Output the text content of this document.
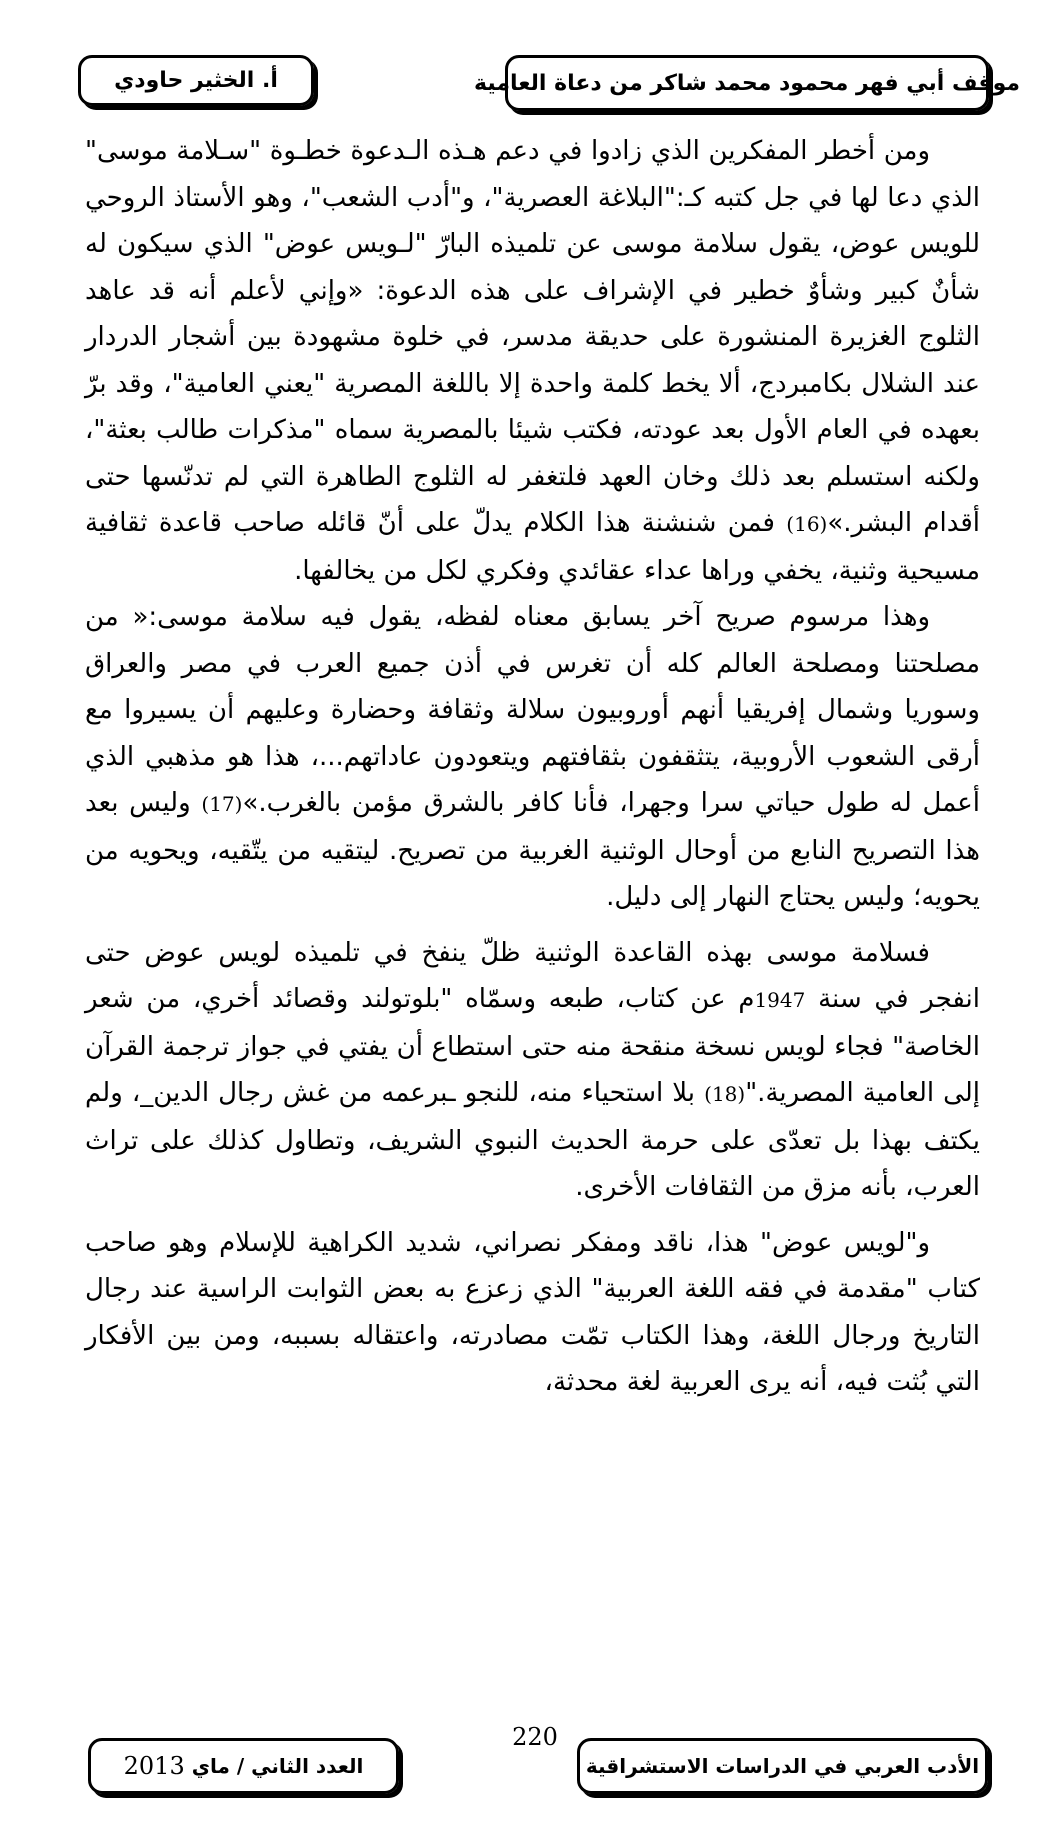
موقف أبي فهر محمود محمد شاكر من دعاة العامية
أ. الخثير حاودي

ومن أخطر المفكرين الذي زادوا في دعم هـذه الـدعوة خطـوة "سـلامة موسى" الذي دعا لها في جل كتبه كـ:"البلاغة العصرية"، و"أدب الشعب"، وهو الأستاذ الروحي للويس عوض، يقول سلامة موسى عن تلميذه البارّ "لـويس عوض" الذي سيكون له شأنٌ كبير وشأوٌ خطير في الإشراف على هذه الدعوة: «وإني لأعلم أنه قد عاهد الثلوج الغزيرة المنشورة على حديقة مدسر، في خلوة مشهودة بين أشجار الدردار عند الشلال بكامبردج، ألا يخط كلمة واحدة إلا باللغة المصرية "يعني العامية"، وقد برّ بعهده في العام الأول بعد عودته، فكتب شيئا بالمصرية سماه "مذكرات طالب بعثة"، ولكنه استسلم بعد ذلك وخان العهد فلتغفر له الثلوج الطاهرة التي لم تدنّسها حتى أقدام البشر.»(16) فمن شنشنة هذا الكلام يدلّ على أنّ قائله صاحب قاعدة ثقافية مسيحية وثنية، يخفي وراها عداء عقائدي وفكري لكل من يخالفها.

وهذا مرسوم صريح آخر يسابق معناه لفظه، يقول فيه سلامة موسى:« من مصلحتنا ومصلحة العالم كله أن تغرس في أذن جميع العرب في مصر والعراق وسوريا وشمال إفريقيا أنهم أوروبيون سلالة وثقافة وحضارة وعليهم أن يسيروا مع أرقى الشعوب الأروبية، يتثقفون بثقافتهم ويتعودون عاداتهم...، هذا هو مذهبي الذي أعمل له طول حياتي سرا وجهرا، فأنا كافر بالشرق مؤمن بالغرب.»(17) وليس بعد هذا التصريح النابع من أوحال الوثنية الغربية من تصريح. ليتقيه من يتّقيه، ويحويه من يحويه؛ وليس يحتاج النهار إلى دليل.

فسلامة موسى بهذه القاعدة الوثنية ظلّ ينفخ في تلميذه لويس عوض حتى انفجر في سنة 1947م عن كتاب، طبعه وسمّاه "بلوتولند وقصائد أخري، من شعر الخاصة" فجاء لويس نسخة منقحة منه حتى استطاع أن يفتي في جواز ترجمة القرآن إلى العامية المصرية."(18) بلا استحياء منه، للنجو ـبرعمه من غش رجال الدين_، ولم يكتف بهذا بل تعدّى على حرمة الحديث النبوي الشريف، وتطاول كذلك على تراث العرب، بأنه مزق من الثقافات الأخرى.

و"لويس عوض" هذا، ناقد ومفكر نصراني، شديد الكراهية للإسلام وهو صاحب كتاب "مقدمة في فقه اللغة العربية" الذي زعزع به بعض الثوابت الراسية عند رجال التاريخ ورجال اللغة، وهذا الكتاب تمّت مصادرته، واعتقاله بسببه، ومن بين الأفكار التي بُثت فيه، أنه يرى العربية لغة محدثة،

220
الأدب العربي في الدراسات الاستشراقية
العدد الثاني / ماي

2013
